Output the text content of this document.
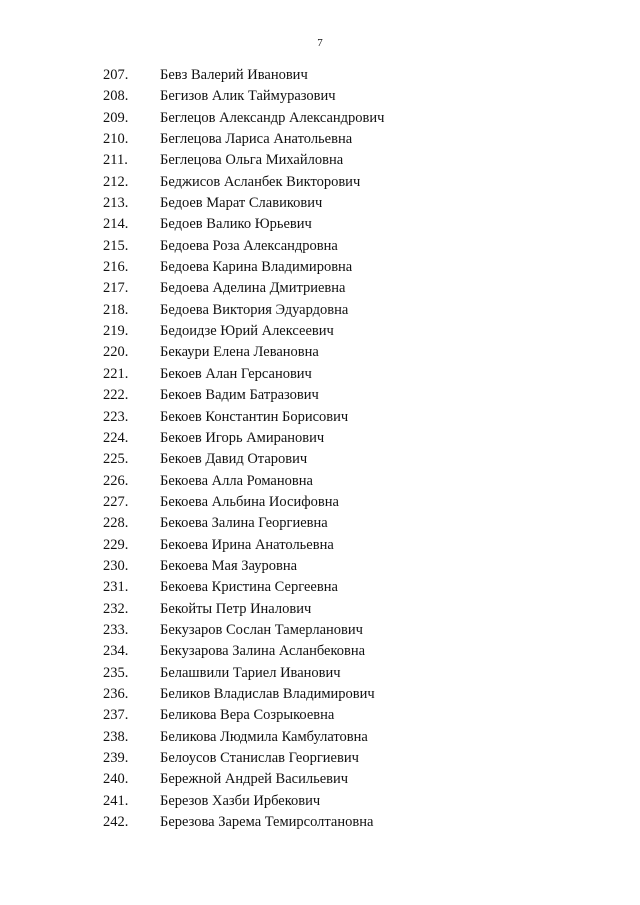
7
207. Бевз Валерий Иванович
208. Бегизов Алик Таймуразович
209. Беглецов Александр Александрович
210. Беглецова Лариса Анатольевна
211. Беглецова Ольга Михайловна
212. Беджисов Асланбек Викторович
213. Бедоев Марат Славикович
214. Бедоев Валико Юрьевич
215. Бедоева Роза Александровна
216. Бедоева Карина Владимировна
217. Бедоева Аделина Дмитриевна
218. Бедоева Виктория Эдуардовна
219. Бедоидзе Юрий Алексеевич
220. Бекаури Елена Левановна
221. Бекоев Алан Герсанович
222. Бекоев Вадим Батразович
223. Бекоев Константин Борисович
224. Бекоев Игорь Амиранович
225. Бекоев Давид Отарович
226. Бекоева Алла Романовна
227. Бекоева Альбина Иосифовна
228. Бекоева Залина Георгиевна
229. Бекоева Ирина Анатольевна
230. Бекоева Мая Зауровна
231. Бекоева Кристина Сергеевна
232. Бекойты Петр Иналович
233. Бекузаров Сослан Тамерланович
234. Бекузарова Залина Асланбековна
235. Белашвили Тариел Иванович
236. Беликов Владислав Владимирович
237. Беликова Вера Созрыкоевна
238. Беликова Людмила Камбулатовна
239. Белоусов Станислав Георгиевич
240. Бережной Андрей Васильевич
241. Березов Хазби Ирбекович
242. Березова Зарема Темирсолтановна
